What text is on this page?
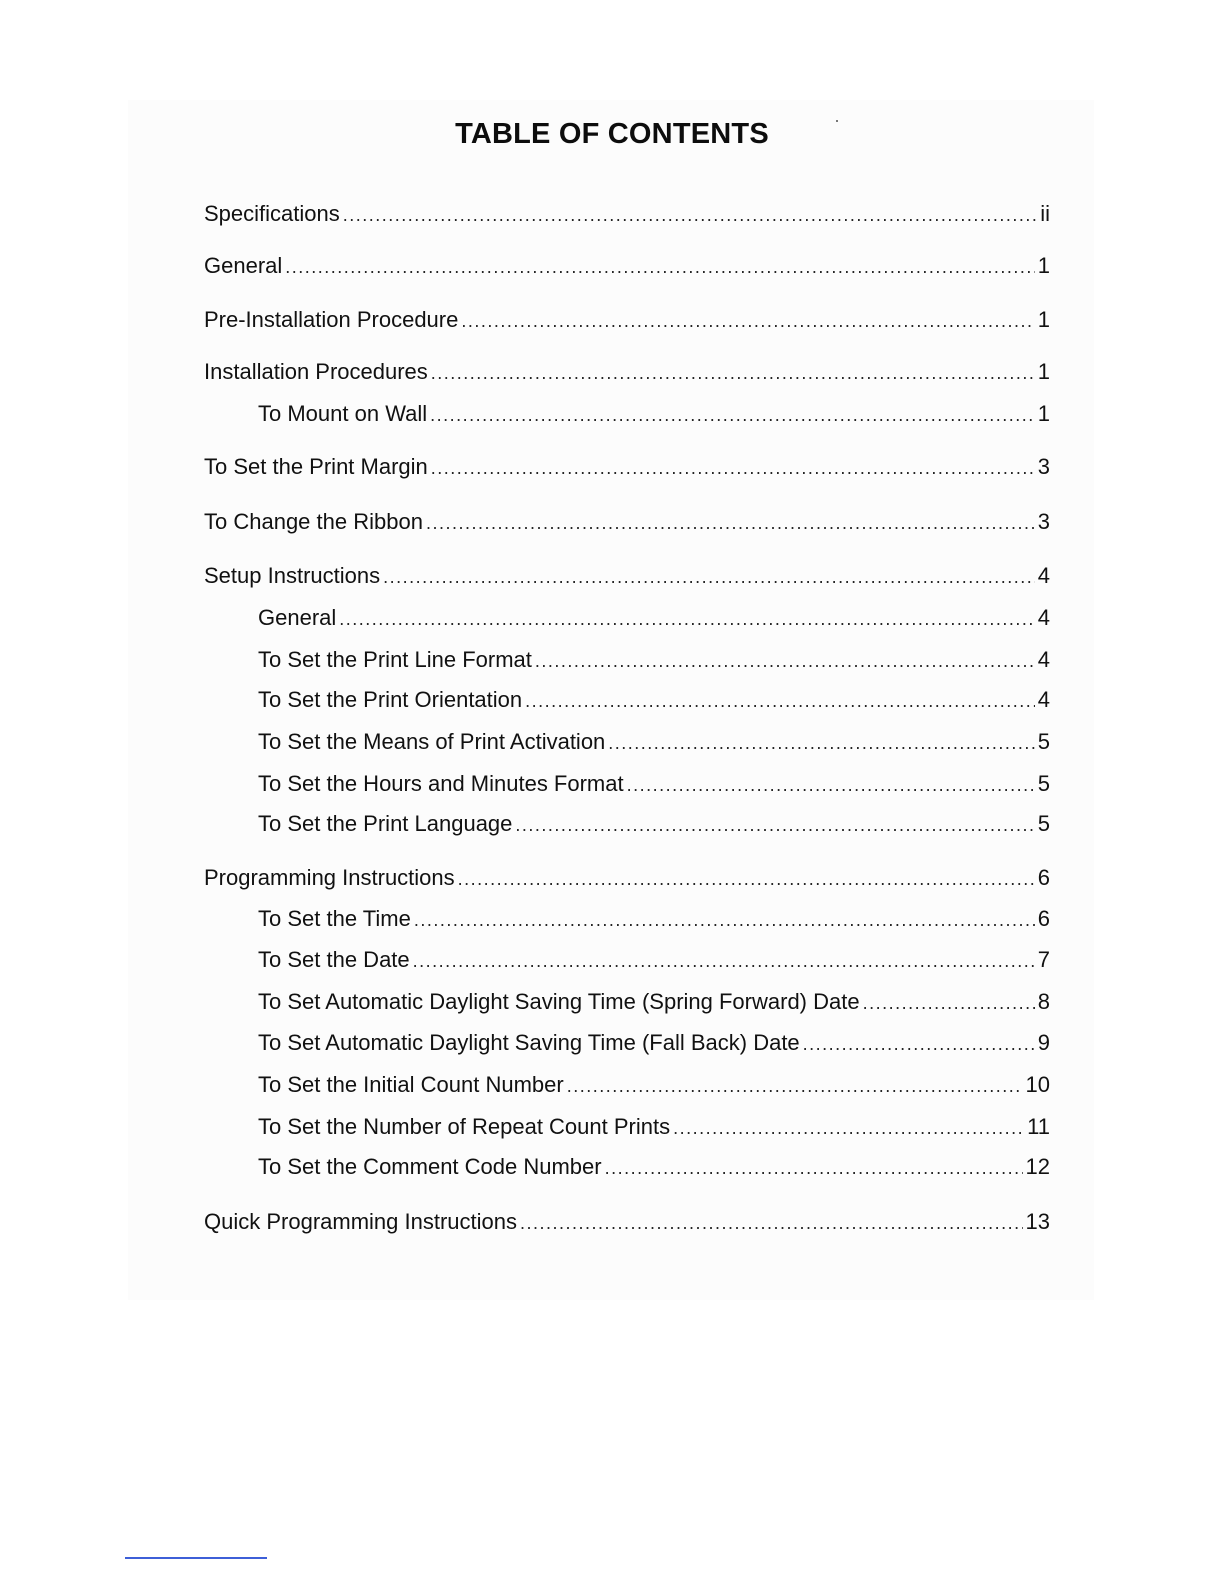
TABLE OF CONTENTS
Specifications .....	ii
General .....	1
Pre-Installation Procedure .....	1
Installation Procedures .....	1
To Mount on Wall .....	1
To Set the Print Margin .....	3
To Change the Ribbon .....	3
Setup Instructions .....	4
General .....	4
To Set the Print Line Format .....	4
To Set the Print Orientation .....	4
To Set the Means of Print Activation .....	5
To Set the Hours and Minutes Format .....	5
To Set the Print Language .....	5
Programming Instructions .....	6
To Set the Time .....	6
To Set the Date .....	7
To Set Automatic Daylight Saving Time (Spring Forward) Date .....	8
To Set Automatic Daylight Saving Time (Fall Back) Date .....	9
To Set the Initial Count Number .....	10
To Set the Number of Repeat Count Prints .....	11
To Set the Comment Code Number .....	12
Quick Programming Instructions .....	13
